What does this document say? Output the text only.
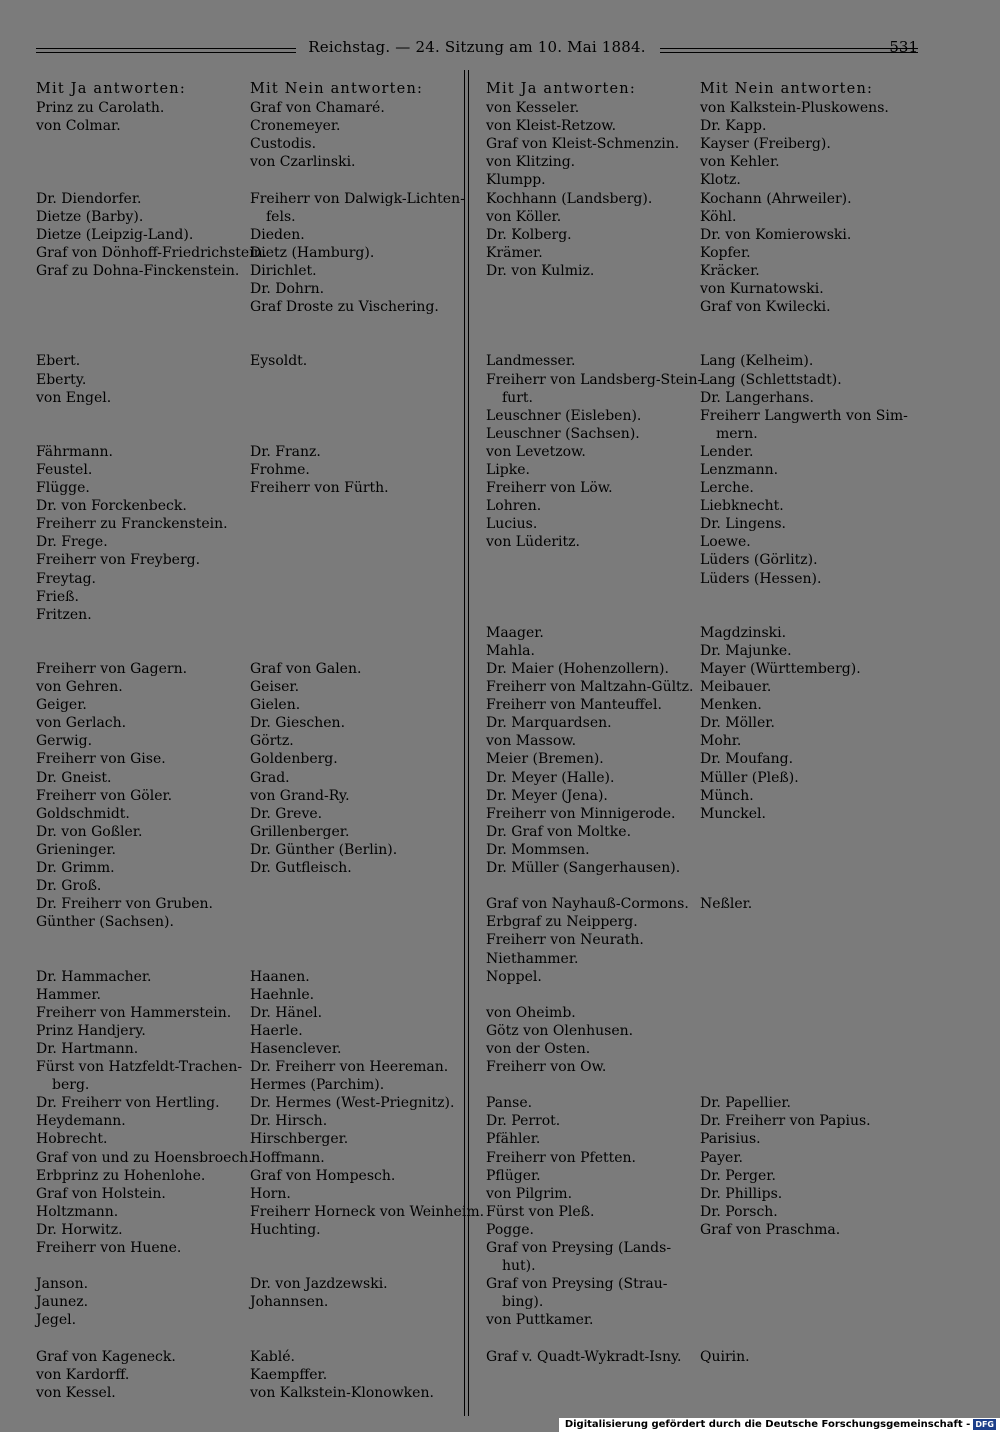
Reichstag. — 24. Sitzung am 10. Mai 1884.	531
Mit Ja antworten:
Prinz zu Carolath.
von Colmar.
Dr. Diendorfer.
Dietze (Barby).
Dietze (Leipzig-Land).
Graf von Dönhoff-Friedrichstein.
Graf zu Dohna-Finckenstein.
Ebert.
Eberty.
von Engel.
Fährmann.
Feustel.
Flügge.
Dr. von Forckenbeck.
Freiherr zu Franckenstein.
Dr. Frege.
Freiherr von Freyberg.
Freytag.
Frieß.
Fritzen.
Freiherr von Gagern.
von Gehren.
Geiger.
von Gerlach.
Gerwig.
Freiherr von Gise.
Dr. Gneist.
Freiherr von Göler.
Goldschmidt.
Dr. von Goßler.
Grieninger.
Dr. Grimm.
Dr. Groß.
Dr. Freiherr von Gruben.
Günther (Sachsen).
Dr. Hammacher.
Hammer.
Freiherr von Hammerstein.
Prinz Handjery.
Dr. Hartmann.
Fürst von Hatzfeldt-Trachen-
berg.
Dr. Freiherr von Hertling.
Heydemann.
Hobrecht.
Graf von und zu Hoensbroech.
Erbprinz zu Hohenlohe.
Graf von Holstein.
Holtzmann.
Dr. Horwitz.
Freiherr von Huene.
Janson.
Jaunez.
Jegel.
Graf von Kageneck.
von Kardorff.
von Kessel.
Mit Nein antworten:
Graf von Chamaré.
Cronemeyer.
Custodis.
von Czarlinski.
Freiherr von Dalwigk-Lichten-
fels.
Dieden.
Dietz (Hamburg).
Dirichlet.
Dr. Dohrn.
Graf Droste zu Vischering.
Eysoldt.
Dr. Franz.
Frohme.
Freiherr von Fürth.
Graf von Galen.
Geiser.
Gielen.
Dr. Gieschen.
Görtz.
Goldenberg.
Grad.
von Grand-Ry.
Dr. Greve.
Grillenberger.
Dr. Günther (Berlin).
Dr. Gutfleisch.
Haanen.
Haehnle.
Dr. Hänel.
Haerle.
Hasenclever.
Dr. Freiherr von Heereman.
Hermes (Parchim).
Dr. Hermes (West-Priegnitz).
Dr. Hirsch.
Hirschberger.
Hoffmann.
Graf von Hompesch.
Horn.
Freiherr Horneck von Weinheim.
Huchting.
Dr. von Jazdzewski.
Johannsen.
Kablé.
Kaempffer.
von Kalkstein-Klonowken.
Mit Ja antworten:
von Kesseler.
von Kleist-Retzow.
Graf von Kleist-Schmenzin.
von Klitzing.
Klumpp.
Kochhann (Landsberg).
von Köller.
Dr. Kolberg.
Krämer.
Dr. von Kulmiz.
Landmesser.
Freiherr von Landsberg-Stein-
furt.
Leuschner (Eisleben).
Leuschner (Sachsen).
von Levetzow.
Lipke.
Freiherr von Löw.
Lohren.
Lucius.
von Lüderitz.
Maager.
Mahla.
Dr. Maier (Hohenzollern).
Freiherr von Maltzahn-Gültz.
Freiherr von Manteuffel.
Dr. Marquardsen.
von Massow.
Meier (Bremen).
Dr. Meyer (Halle).
Dr. Meyer (Jena).
Freiherr von Minnigerode.
Dr. Graf von Moltke.
Dr. Mommsen.
Dr. Müller (Sangerhausen).
Graf von Nayhauß-Cormons.
Erbgraf zu Neipperg.
Freiherr von Neurath.
Niethammer.
Noppel.
von Oheimb.
Götz von Olenhusen.
von der Osten.
Freiherr von Ow.
Panse.
Dr. Perrot.
Pfähler.
Freiherr von Pfetten.
Pflüger.
von Pilgrim.
Fürst von Pleß.
Pogge.
Graf von Preysing (Lands-
hut).
Graf von Preysing (Strau-
bing).
von Puttkamer.
Graf v. Quadt-Wykradt-Isny.
Mit Nein antworten:
von Kalkstein-Pluskowens.
Dr. Kapp.
Kayser (Freiberg).
von Kehler.
Klotz.
Kochann (Ahrweiler).
Köhl.
Dr. von Komierowski.
Kopfer.
Kräcker.
von Kurnatowski.
Graf von Kwilecki.
Lang (Kelheim).
Lang (Schlettstadt).
Dr. Langerhans.
Freiherr Langwerth von Sim-
mern.
Lender.
Lenzmann.
Lerche.
Liebknecht.
Dr. Lingens.
Loewe.
Lüders (Görlitz).
Lüders (Hessen).
Magdzinski.
Dr. Majunke.
Mayer (Württemberg).
Meibauer.
Menken.
Dr. Möller.
Mohr.
Dr. Moufang.
Müller (Pleß).
Münch.
Munckel.
Neßler.
Dr. Papellier.
Dr. Freiherr von Papius.
Parisius.
Payer.
Dr. Perger.
Dr. Phillips.
Dr. Porsch.
Graf von Praschma.
Quirin.
Digitalisierung gefördert durch die Deutsche Forschungsgemeinschaft - DFG
